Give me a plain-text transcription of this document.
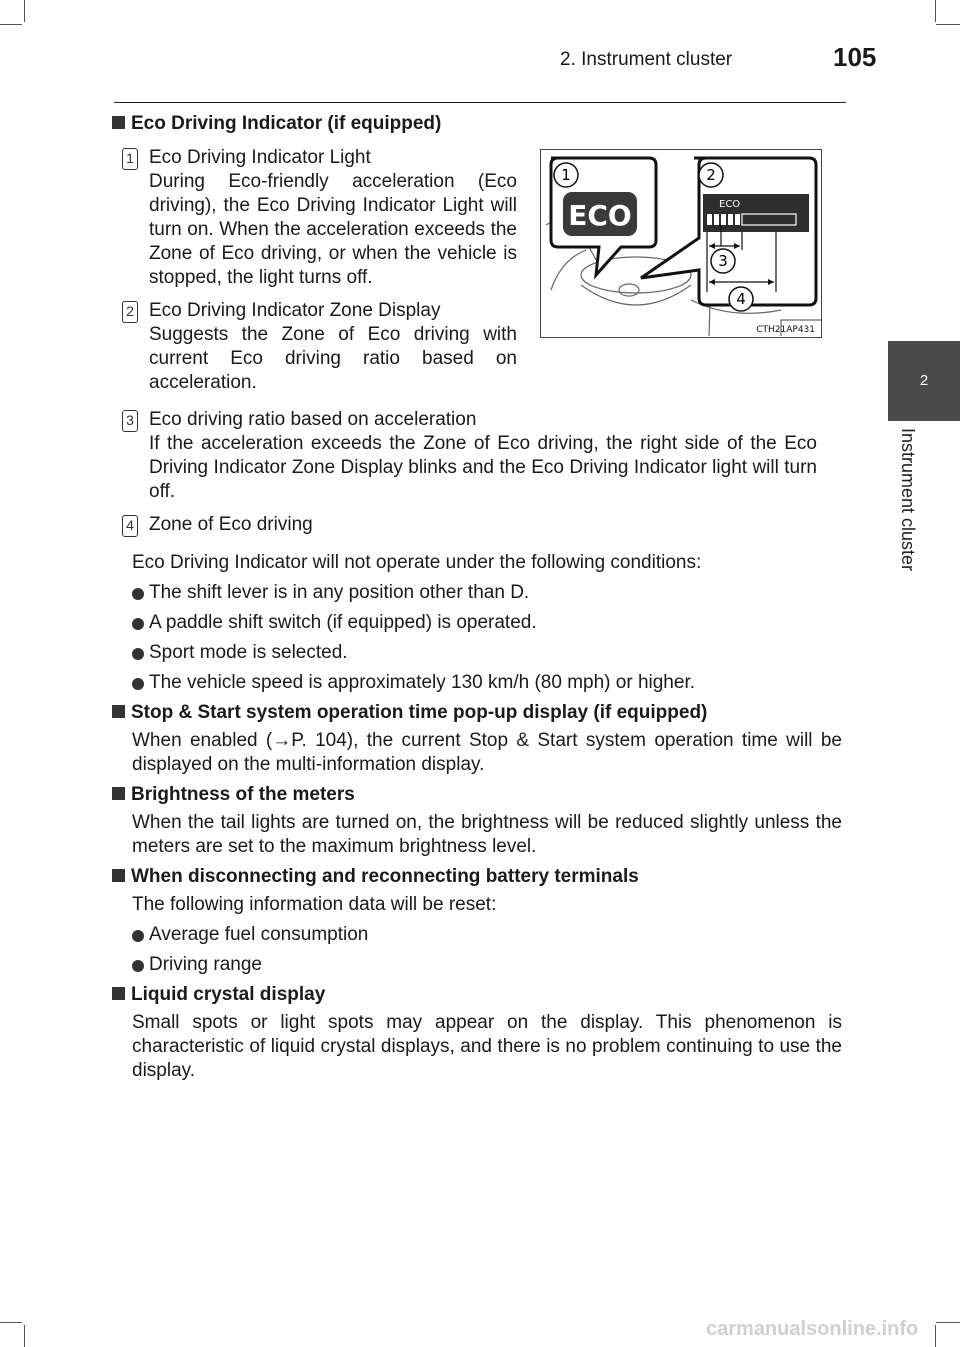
2. Instrument cluster	105
2
Instrument cluster
ECO	ECO
1	2
3
4
CTH21AP431
Eco Driving Indicator (if equipped)
1 Eco Driving Indicator Light
During Eco-friendly acceleration (Eco driving), the Eco Driving Indicator Light will turn on. When the acceleration exceeds the Zone of Eco driving, or when the vehicle is stopped, the light turns off.
2 Eco Driving Indicator Zone Display
Suggests the Zone of Eco driving with current Eco driving ratio based on acceleration.
3 Eco driving ratio based on acceleration
If the acceleration exceeds the Zone of Eco driving, the right side of the Eco Driving Indicator Zone Display blinks and the Eco Driving Indicator light will turn off.
4 Zone of Eco driving
Eco Driving Indicator will not operate under the following conditions:
The shift lever is in any position other than D.
A paddle shift switch (if equipped) is operated.
Sport mode is selected.
The vehicle speed is approximately 130 km/h (80 mph) or higher.
Stop & Start system operation time pop-up display (if equipped)
When enabled (→P. 104), the current Stop & Start system operation time will be displayed on the multi-information display.
Brightness of the meters
When the tail lights are turned on, the brightness will be reduced slightly unless the meters are set to the maximum brightness level.
When disconnecting and reconnecting battery terminals
The following information data will be reset:
Average fuel consumption
Driving range
Liquid crystal display
Small spots or light spots may appear on the display. This phenomenon is characteristic of liquid crystal displays, and there is no problem continuing to use the display.
carmanualsonline.info
